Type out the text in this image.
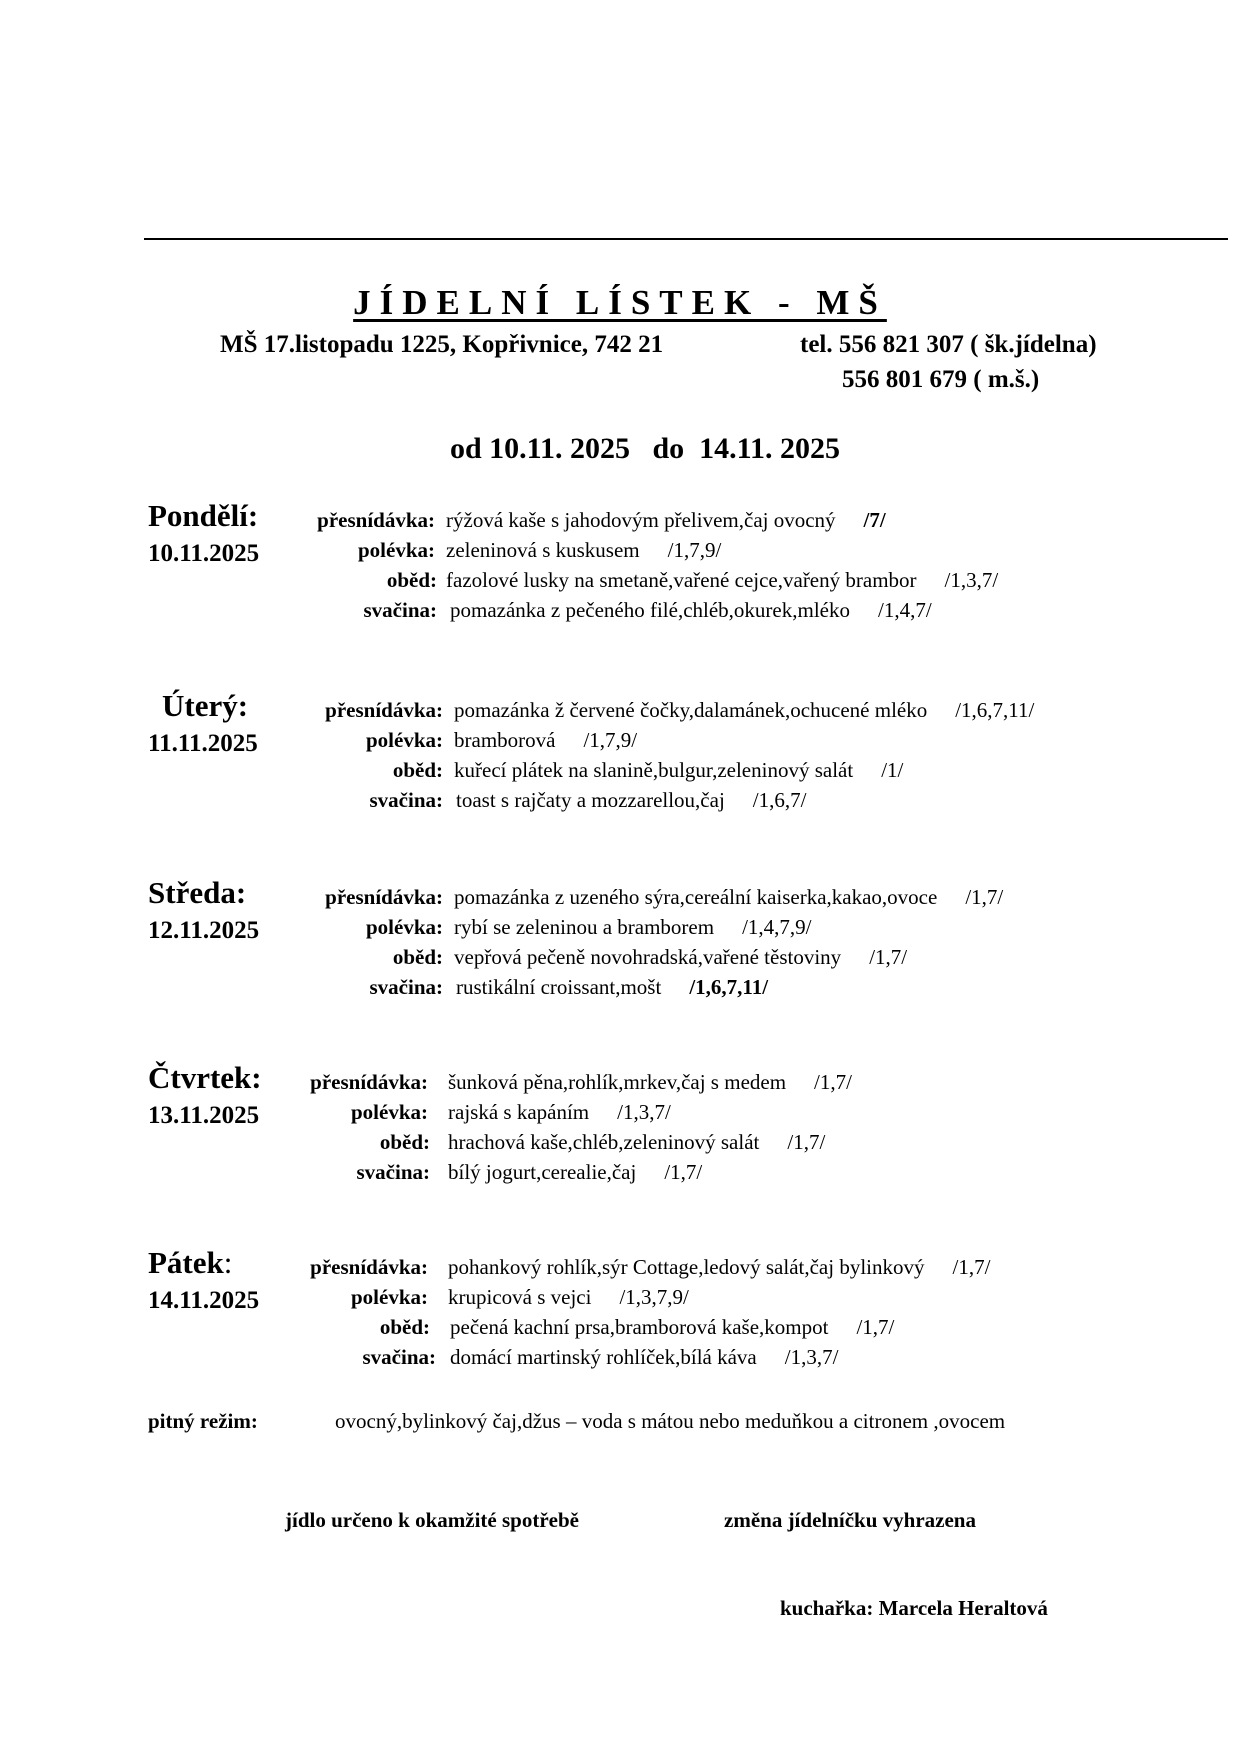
JÍDELNÍ LÍSTEK - MŠ
MŠ 17.listopadu 1225, Kopřivnice, 742 21	tel. 556 821 307 ( šk.jídelna)
556 801 679 ( m.š.)
od 10.11. 2025   do  14.11. 2025
Pondělí:
10.11.2025
přesnídávka: rýžová kaše s jahodovým přelivem,čaj ovocný /7/
polévka: zeleninová s kuskusem /1,7,9/
oběd: fazolové lusky na smetaně,vařené cejce,vařený brambor /1,3,7/
svačina: pomazánka z pečeného filé,chléb,okurek,mléko /1,4,7/
Úterý:
11.11.2025
přesnídávka: pomazánka ž červené čočky,dalamánek,ochucené mléko /1,6,7,11/
polévka: bramborová /1,7,9/
oběd: kuřecí plátek na slanině,bulgur,zeleninový salát /1/
svačina: toast s rajčaty a mozzarellou,čaj /1,6,7/
Středa:
12.11.2025
přesnídávka: pomazánka z uzeného sýra,cereální kaiserka,kakao,ovoce /1,7/
polévka: rybí se zeleninou a bramborem /1,4,7,9/
oběd: vepřová pečeně novohradská,vařené těstoviny /1,7/
svačina: rustikální croissant,mošt /1,6,7,11/
Čtvrtek:
13.11.2025
přesnídávka: šunková pěna,rohlík,mrkev,čaj s medem /1,7/
polévka: rajská s kapáním /1,3,7/
oběd: hrachová kaše,chléb,zeleninový salát /1,7/
svačina: bílý jogurt,cerealie,čaj /1,7/
Pátek:
14.11.2025
přesnídávka: pohankový rohlík,sýr Cottage,ledový salát,čaj bylinkový /1,7/
polévka: krupicová s vejci /1,3,7,9/
oběd: pečená kachní prsa,bramborová kaše,kompot /1,7/
svačina: domácí martinský rohlíček,bílá káva /1,3,7/
pitný režim:	ovocný,bylinkový čaj,džus – voda s mátou nebo meduňkou a citronem ,ovocem
jídlo určeno k okamžité spotřebě	změna jídelníčku vyhrazena
kuchařka: Marcela Heraltová
